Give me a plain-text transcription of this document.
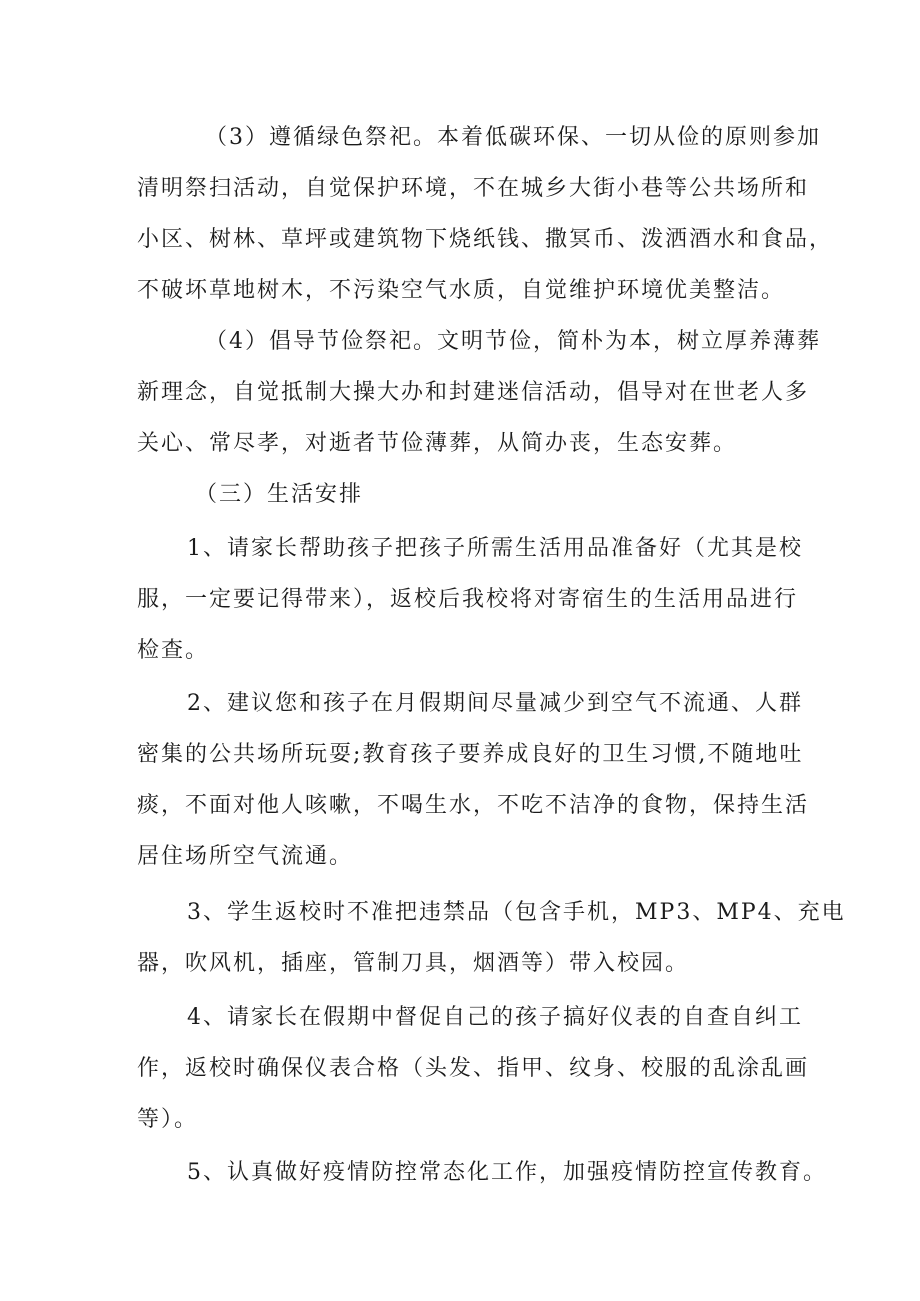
（3）遵循绿色祭祀。本着低碳环保、一切从俭的原则参加
清明祭扫活动，自觉保护环境，不在城乡大街小巷等公共场所和
小区、树林、草坪或建筑物下烧纸钱、撒冥币、泼洒酒水和食品，
不破坏草地树木，不污染空气水质，自觉维护环境优美整洁。
（4）倡导节俭祭祀。文明节俭，简朴为本，树立厚养薄葬
新理念，自觉抵制大操大办和封建迷信活动，倡导对在世老人多
关心、常尽孝，对逝者节俭薄葬，从简办丧，生态安葬。
（三）生活安排
1、请家长帮助孩子把孩子所需生活用品准备好（尤其是校
服，一定要记得带来），返校后我校将对寄宿生的生活用品进行
检查。
2、建议您和孩子在月假期间尽量减少到空气不流通、人群
密集的公共场所玩耍;教育孩子要养成良好的卫生习惯,不随地吐
痰，不面对他人咳嗽，不喝生水，不吃不洁净的食物，保持生活
居住场所空气流通。
3、学生返校时不准把违禁品（包含手机，MP3、MP4、充电
器，吹风机，插座，管制刀具，烟酒等）带入校园。
4、请家长在假期中督促自己的孩子搞好仪表的自查自纠工
作，返校时确保仪表合格（头发、指甲、纹身、校服的乱涂乱画
等）。
5、认真做好疫情防控常态化工作，加强疫情防控宣传教育。
